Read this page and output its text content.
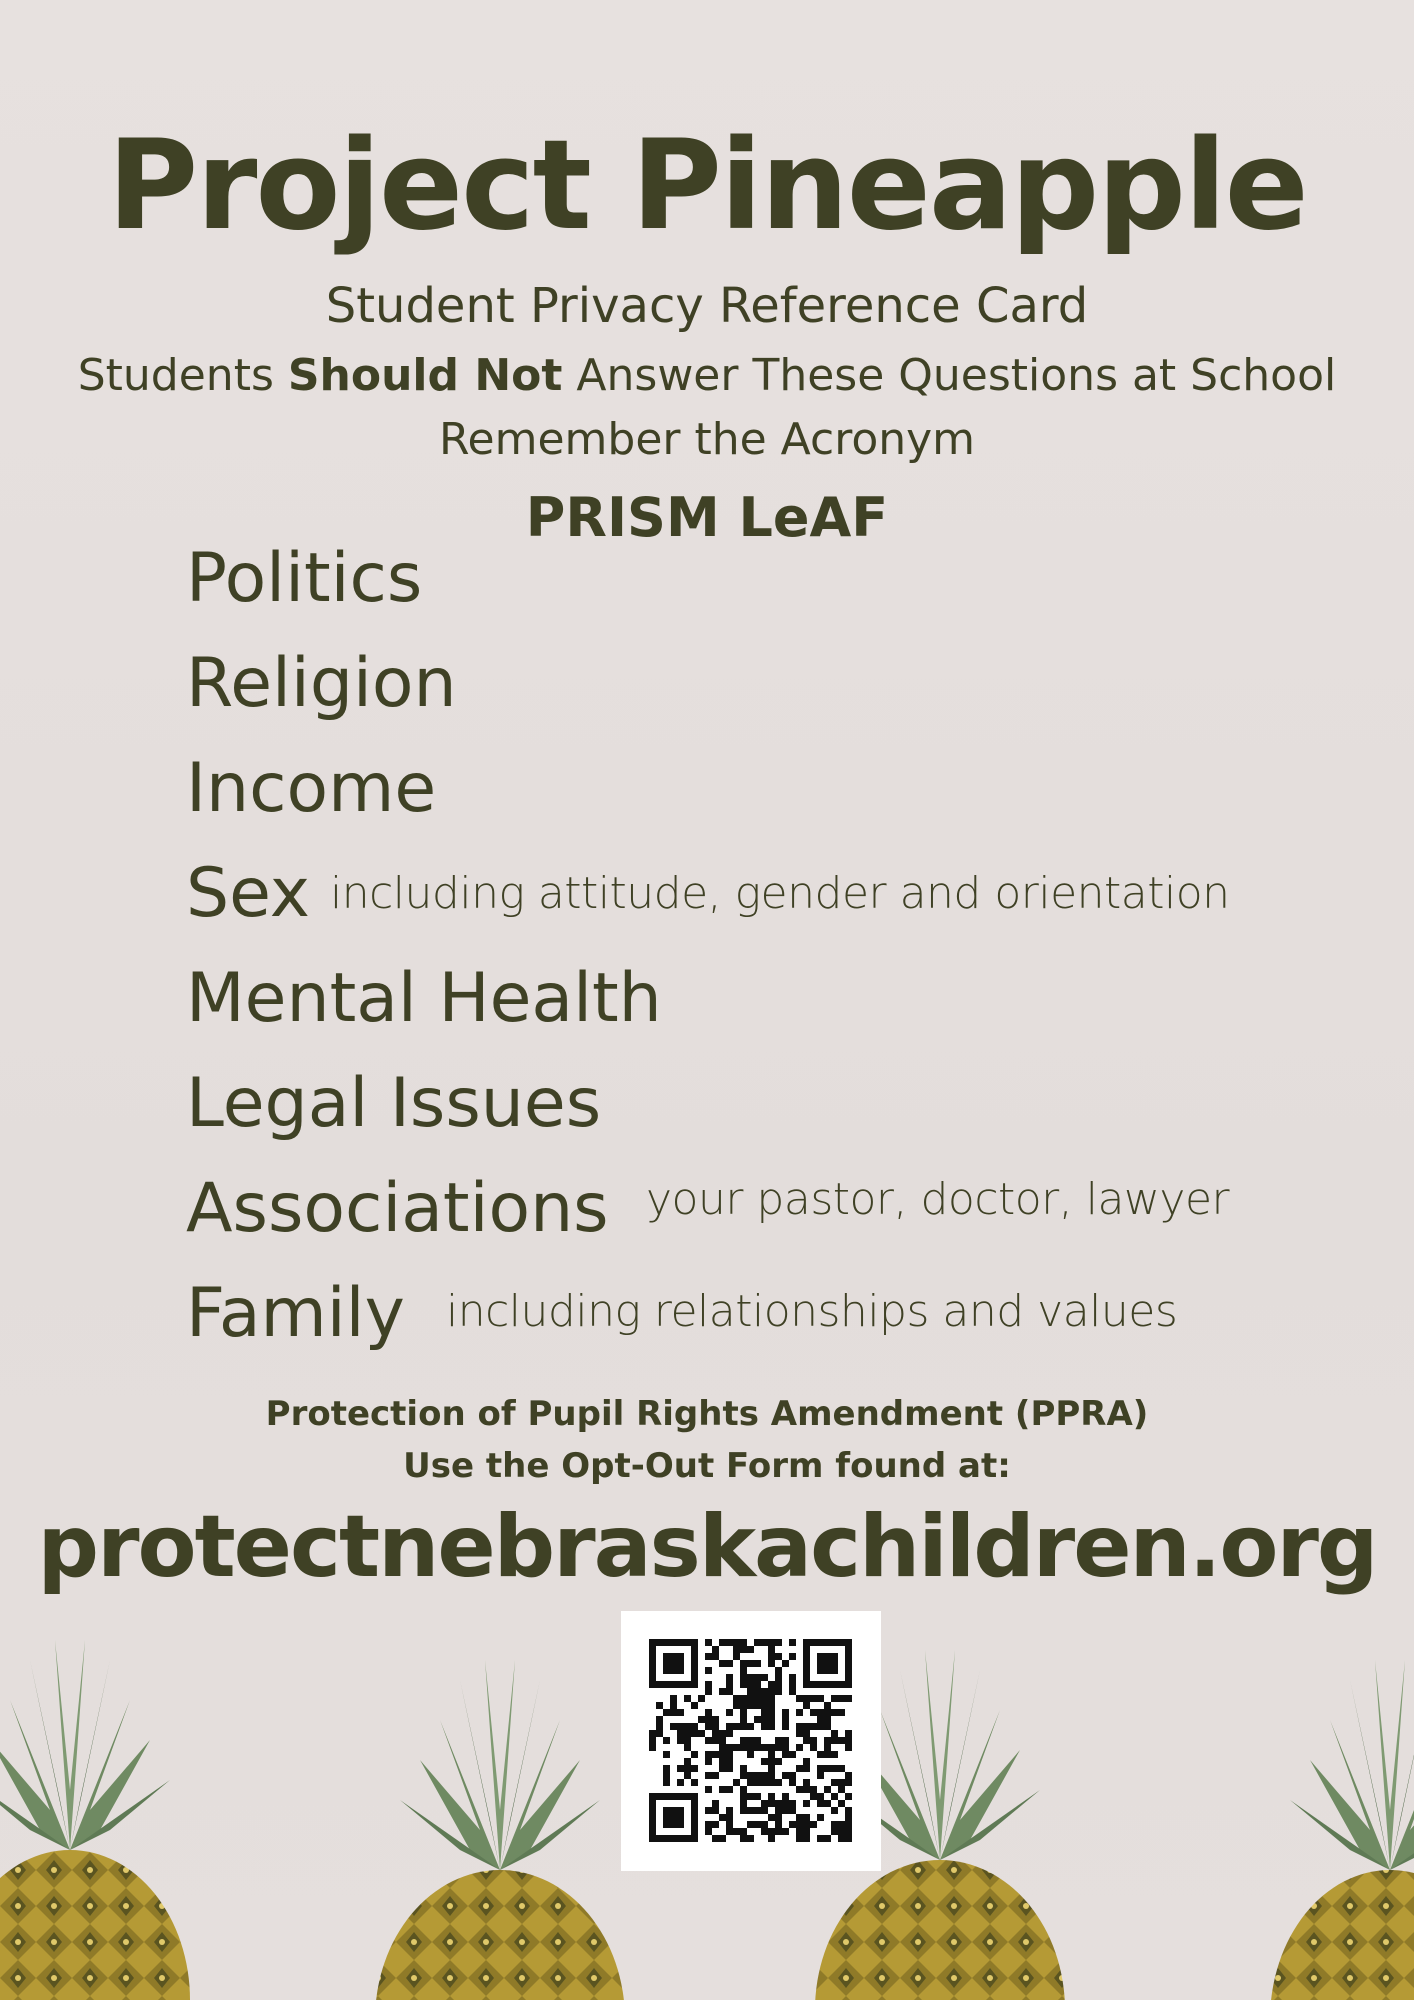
Project Pineapple
Student Privacy Reference Card
Students Should Not Answer These Questions at School
Remember the Acronym
PRISM LeAF
Politics
Religion
Income
Sex including attitude, gender and orientation
Mental Health
Legal Issues
Associations your pastor, doctor, lawyer
Family including relationships and values
Protection of Pupil Rights Amendment (PPRA)
Use the Opt-Out Form found at:
protectnebraskachildren.org
